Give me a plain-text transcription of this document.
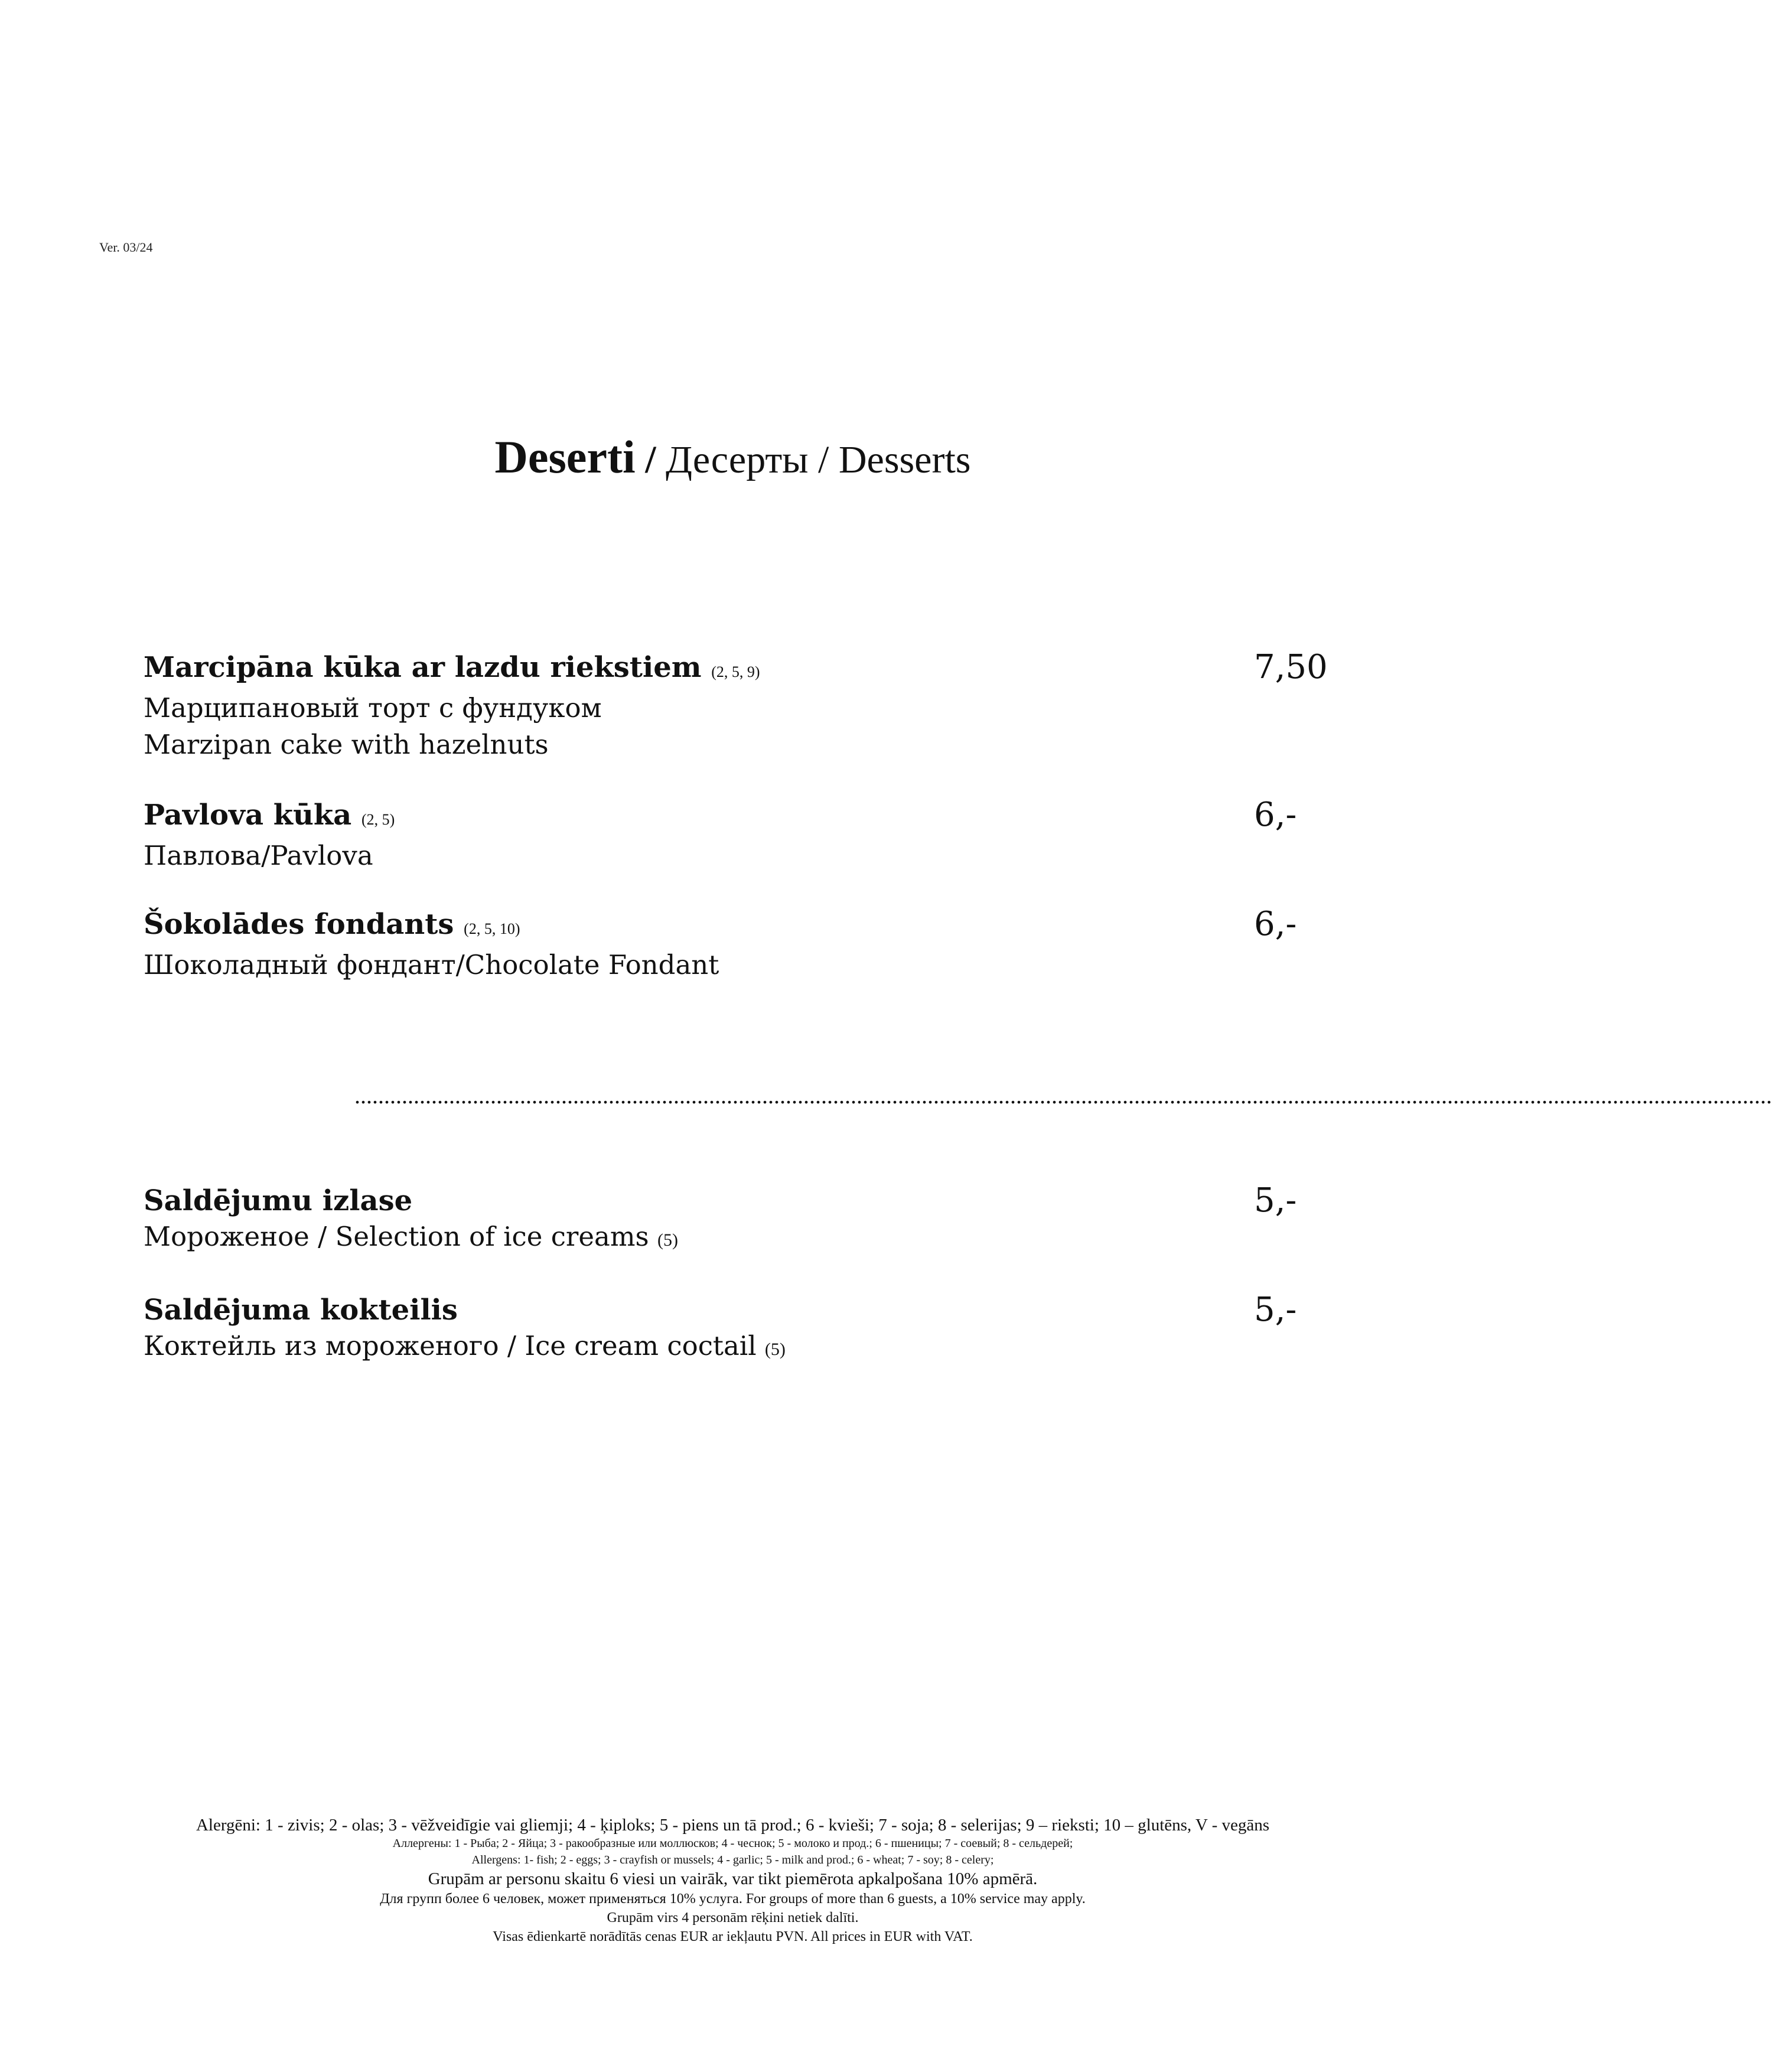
Ver. 03/24
Deserti / Десерты / Desserts
Marcipāna kūka ar lazdu riekstiem (2, 5, 9)	7,50
Марципановый торт с фундуком
Marzipan cake with hazelnuts
Pavlova kūka (2, 5)	6,-
Павлова/Pavlova
Šokolādes fondants (2, 5, 10)	6,-
Шоколадный фондант/Chocolate Fondant
................................................................................................................................................................................................................................................
Saldējumu izlase	5,-
Мороженое / Selection of ice creams (5)
Saldējuma kokteilis	5,-
Коктейль из мороженого / Ice cream coctail (5)
Alergēni: 1 - zivis; 2 - olas; 3 - vēžveidīgie vai gliemji; 4 - ķiploks; 5 - piens un tā prod.; 6 - kvieši; 7 - soja; 8 - selerijas; 9 – rieksti; 10 – glutēns, V - vegāns
Аллергены: 1 - Рыба; 2 - Яйца; 3 - ракообразные или моллюсков; 4 - чеснок; 5 - молоко и прод.; 6 - пшеницы; 7 - соевый; 8 - сельдерей;
Allergens: 1- fish; 2 - eggs; 3 - crayfish or mussels; 4 - garlic; 5 - milk and prod.; 6 - wheat; 7 - soy; 8 - celery;
Grupām ar personu skaitu 6 viesi un vairāk, var tikt piemērota apkalpošana 10% apmērā.
Для групп более 6 человек, может применяться 10% услуга. For groups of more than 6 guests, a 10% service may apply.
Grupām virs 4 personām rēķini netiek dalīti.
Visas ēdienkartē norādītās cenas EUR ar iekļautu PVN. All prices in EUR with VAT.
